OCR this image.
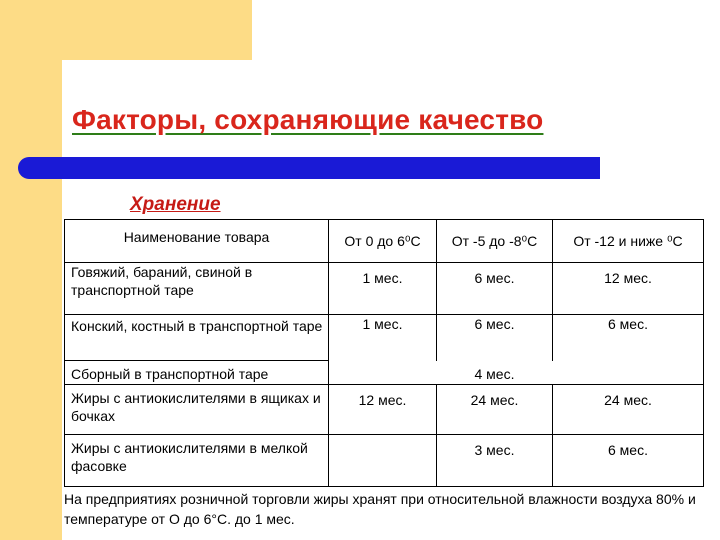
Факторы, сохраняющие качество
Хранение
Наименование товара	От 0 до 6⁰С	От -5 до -8⁰С	От -12 и ниже ⁰С
Говяжий, бараний, свиной в транспортной таре	1 мес.	6 мес.	12 мес.
Конский, костный в транспортной таре	1 мес.	6 мес.	6 мес.
Сборный в транспортной таре		4 мес.	
Жиры с антиокислителями в ящиках и бочках	12 мес.	24 мес.	24 мес.
Жиры с антиокислителями в мелкой фасовке		3 мес.	6 мес.
На предприятиях розничной торговли жиры хранят при относительной влажности воздуха 80% и температуре от О до 6°С. до 1 мес.
